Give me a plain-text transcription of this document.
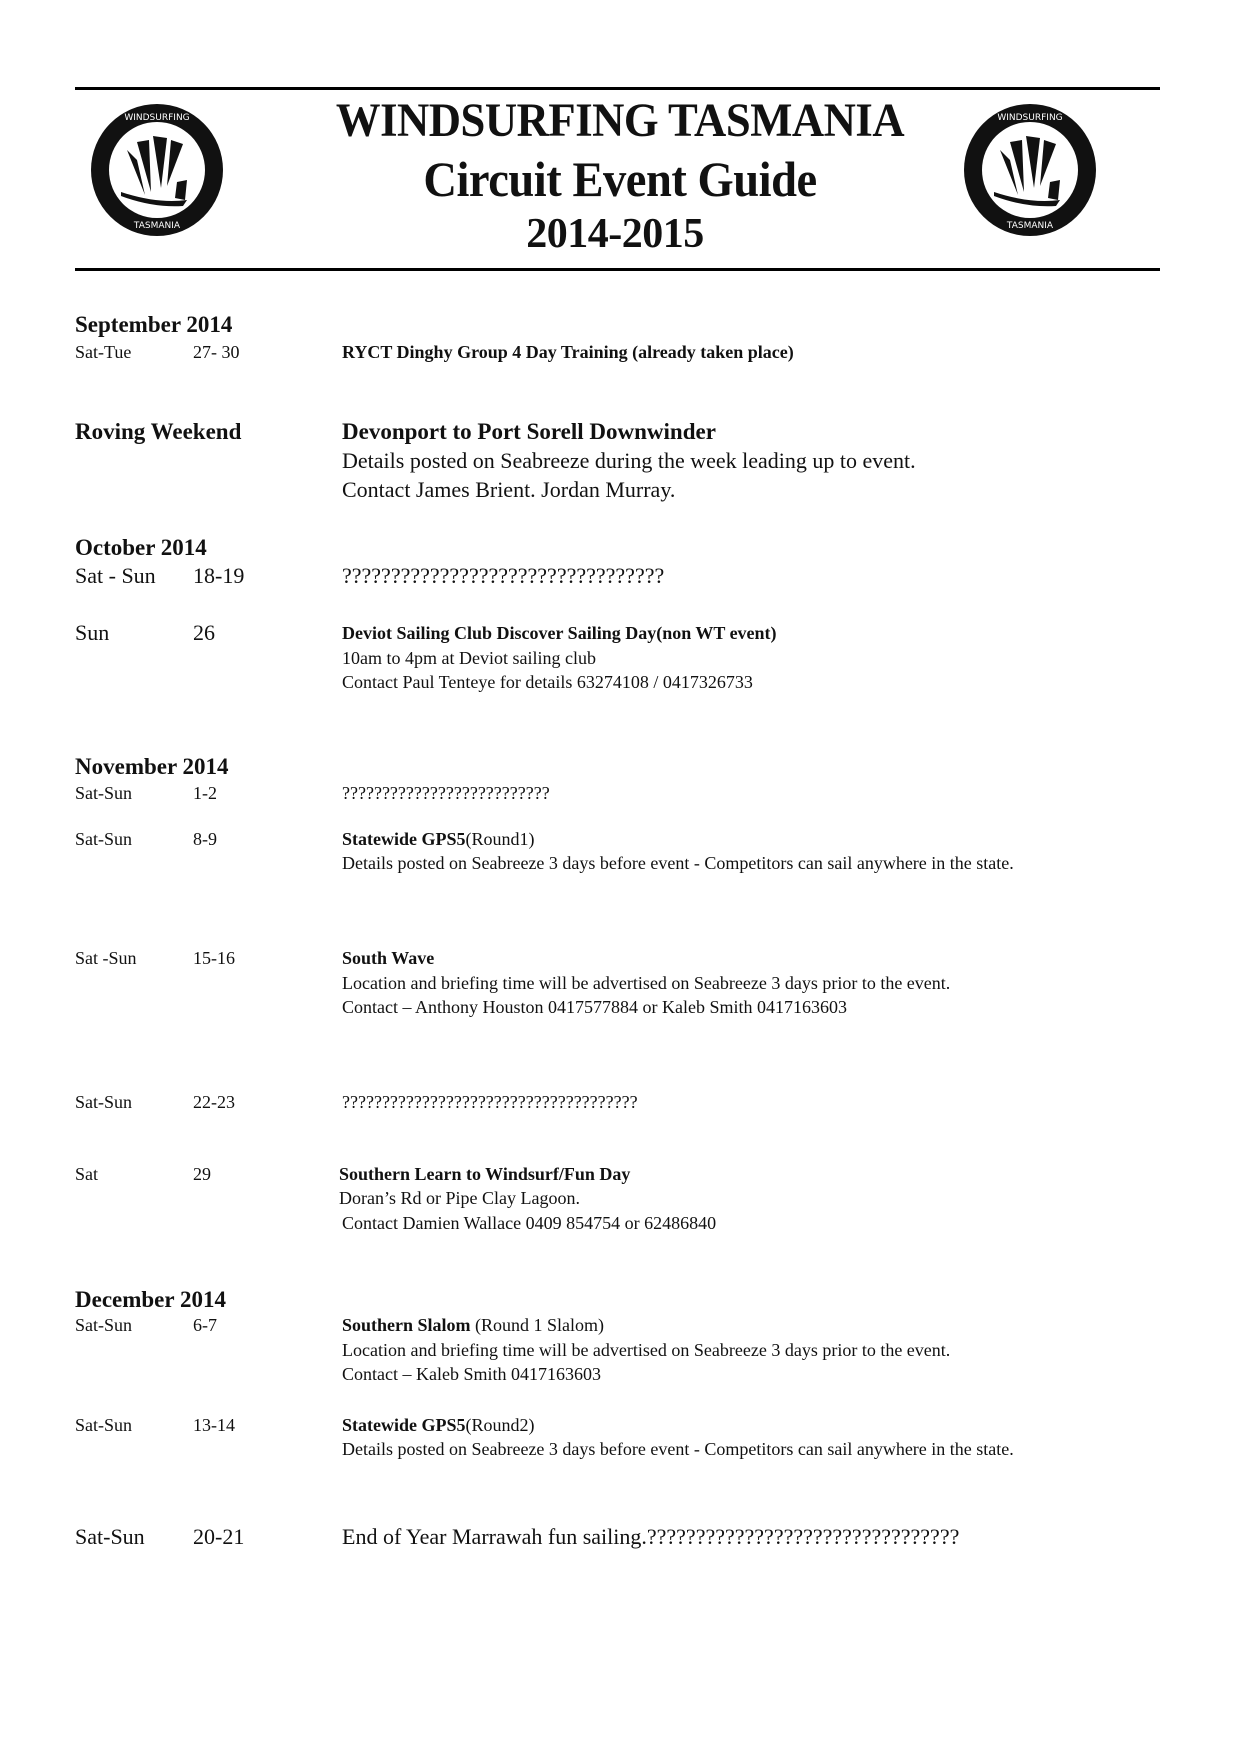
WINDSURFING
TASMANIA
WINDSURFING
TASMANIA
WINDSURFING TASMANIA
Circuit Event Guide
2014-2015
September 2014
Sat-Tue	27- 30	RYCT Dinghy Group 4 Day Training (already taken place)
Roving Weekend	Devonport to Port Sorell Downwinder
Details posted on Seabreeze during the week leading up to event.
Contact James Brient. Jordan Murray.
October 2014
Sat - Sun 18-19	?????????????????????????????????
Sun	26	Deviot Sailing Club Discover Sailing Day(non WT event)
10am to 4pm at Deviot sailing club
Contact Paul Tenteye for details 63274108 / 0417326733
November 2014
Sat-Sun	1-2	??????????????????????????
Sat-Sun	8-9	Statewide GPS5(Round1)
Details posted on Seabreeze 3 days before event - Competitors can sail anywhere in the state.
Sat -Sun	15-16	South Wave
Location and briefing time will be advertised on Seabreeze 3 days prior to the event.
Contact – Anthony Houston 0417577884 or Kaleb Smith 0417163603
Sat-Sun	22-23	?????????????????????????????????????
Sat	29	Southern Learn to Windsurf/Fun Day
Doran’s Rd or Pipe Clay Lagoon.
Contact Damien Wallace 0409 854754 or 62486840
December 2014
Sat-Sun	6-7	Southern Slalom (Round 1 Slalom)
Location and briefing time will be advertised on Seabreeze 3 days prior to the event.
Contact – Kaleb Smith 0417163603
Sat-Sun	13-14	Statewide GPS5(Round2)
Details posted on Seabreeze 3 days before event - Competitors can sail anywhere in the state.
Sat-Sun 20-21	End of Year Marrawah fun sailing.????????????????????????????????
